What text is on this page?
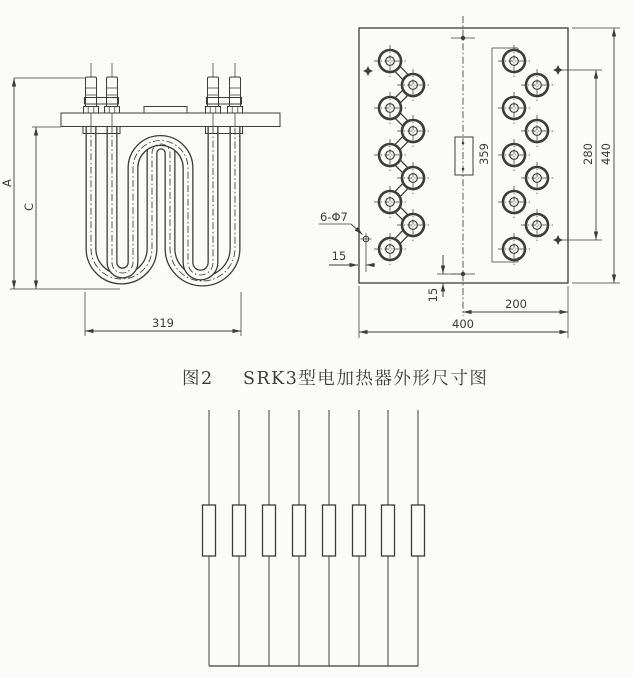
A
C
319
359	280 440
6-Φ7
15
15
200
400
图2 SRK3型电加热器外形尺寸图
